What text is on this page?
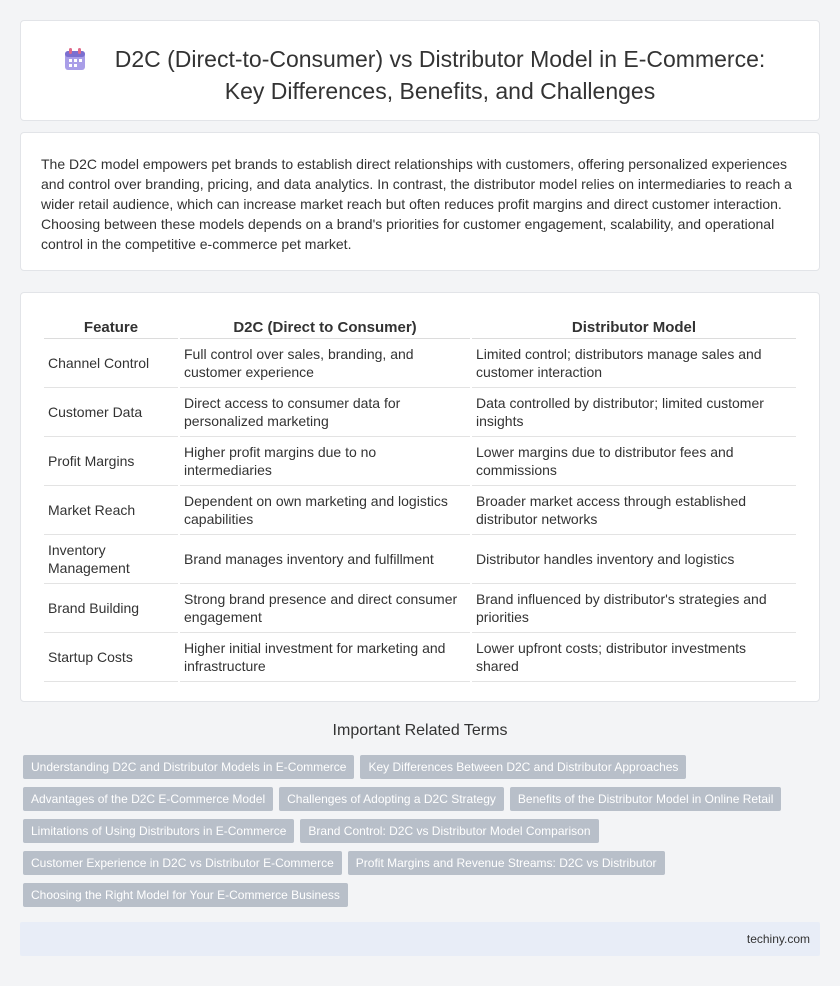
D2C (Direct-to-Consumer) vs Distributor Model in E-Commerce: Key Differences, Benefits, and Challenges

The D2C model empowers pet brands to establish direct relationships with customers, offering personalized experiences and control over branding, pricing, and data analytics. In contrast, the distributor model relies on intermediaries to reach a wider retail audience, which can increase market reach but often reduces profit margins and direct customer interaction. Choosing between these models depends on a brand's priorities for customer engagement, scalability, and operational control in the competitive e-commerce pet market.

Feature	D2C (Direct to Consumer)	Distributor Model
Channel Control	Full control over sales, branding, and customer experience	Limited control; distributors manage sales and customer interaction
Customer Data	Direct access to consumer data for personalized marketing	Data controlled by distributor; limited customer insights
Profit Margins	Higher profit margins due to no intermediaries	Lower margins due to distributor fees and commissions
Market Reach	Dependent on own marketing and logistics capabilities	Broader market access through established distributor networks
Inventory Management	Brand manages inventory and fulfillment	Distributor handles inventory and logistics
Brand Building	Strong brand presence and direct consumer engagement	Brand influenced by distributor's strategies and priorities
Startup Costs	Higher initial investment for marketing and infrastructure	Lower upfront costs; distributor investments shared
Important Related Terms
Understanding D2C and Distributor Models in E-Commerce	Key Differences Between D2C and Distributor Approaches
Advantages of the D2C E-Commerce Model	Challenges of Adopting a D2C Strategy	Benefits of the Distributor Model in Online Retail
Limitations of Using Distributors in E-Commerce	Brand Control: D2C vs Distributor Model Comparison
Customer Experience in D2C vs Distributor E-Commerce	Profit Margins and Revenue Streams: D2C vs Distributor
Choosing the Right Model for Your E-Commerce Business
techiny.com
